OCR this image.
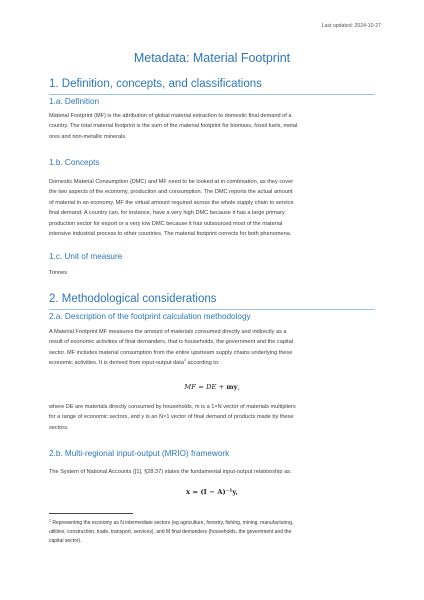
Last updated: 2024-10-27
Metadata: Material Footprint
1. Definition, concepts, and classifications
1.a. Definition
Material Footprint (MF) is the attribution of global material extraction to domestic final demand of a
country. The total material footprint is the sum of the material footprint for biomass, fossil fuels, metal
ores and non-metallic minerals.
1.b. Concepts
Domestic Material Consumption (DMC) and MF need to be looked at in combination, as they cover
the two aspects of the economy, production and consumption. The DMC reports the actual amount
of material in an economy, MF the virtual amount required across the whole supply chain to service
final demand. A country can, for instance, have a very high DMC because it has a large primary
production sector for export or a very low DMC because it has outsourced most of the material
intensive industrial process to other countries. The material footprint corrects for both phenomena.
1.c. Unit of measure
Tonnes
2. Methodological considerations
2.a. Description of the footprint calculation methodology
A Material Footprint MF measures the amount of materials consumed directly and indirectly as a
result of economic activities of final demanders, that is households, the government and the capital
sector. MF includes material consumption from the entire upstream supply chains underlying these
economic activities. It is derived from input-output data$^1$ according to:
MF = DE + my,
where DE are materials directly consumed by households, m is a 1×N vector of materials multipliers
for a range of economic sectors, and y is an N×1 vector of final demand of products made by these
sectors.
2.b. Multi-regional input-output (MRIO) framework
The System of National Accounts ([1], §28.37) states the fundamental input-output relationship as:
x = (I − A)⁻¹y,
$^1$ Representing the economy as N intermediate sectors (eg agriculture, forestry, fishing, mining, manufacturing,
utilities, construction, trade, transport, services), and M final demanders (households, the government and the
capital sector).
